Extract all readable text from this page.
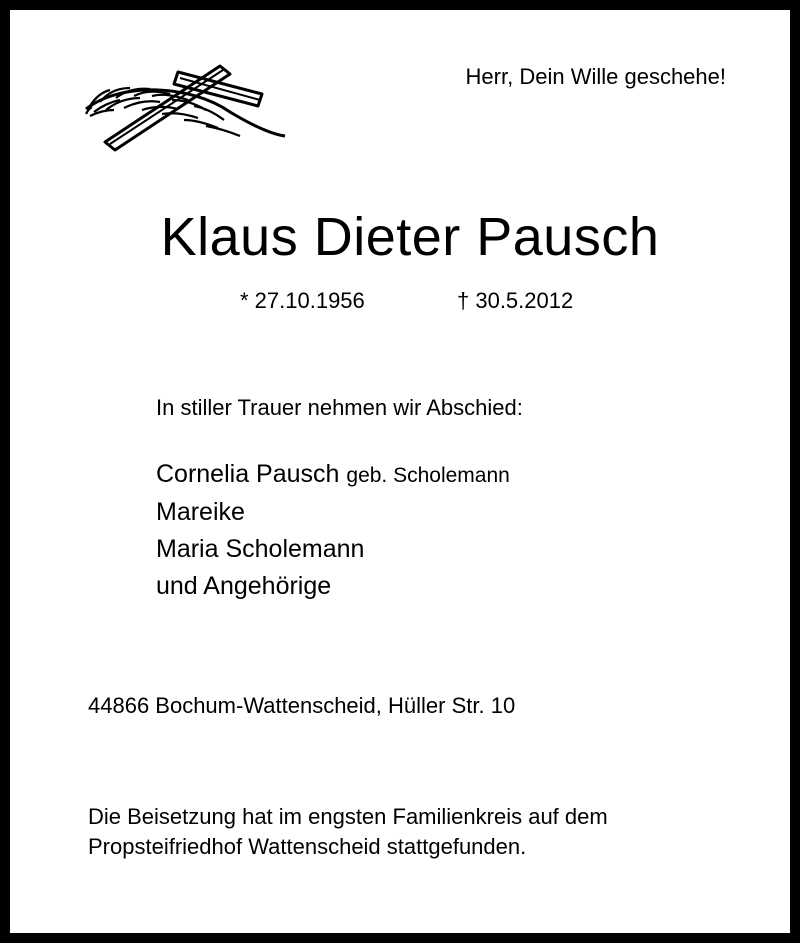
Herr, Dein Wille geschehe!
Klaus Dieter Pausch
* 27.10.1956	† 30.5.2012
In stiller Trauer nehmen wir Abschied:
Cornelia Pausch geb. Scholemann
Mareike
Maria Scholemann
und Angehörige
44866 Bochum-Wattenscheid, Hüller Str. 10
Die Beisetzung hat im engsten Familienkreis auf dem
Propsteifriedhof Wattenscheid stattgefunden.
